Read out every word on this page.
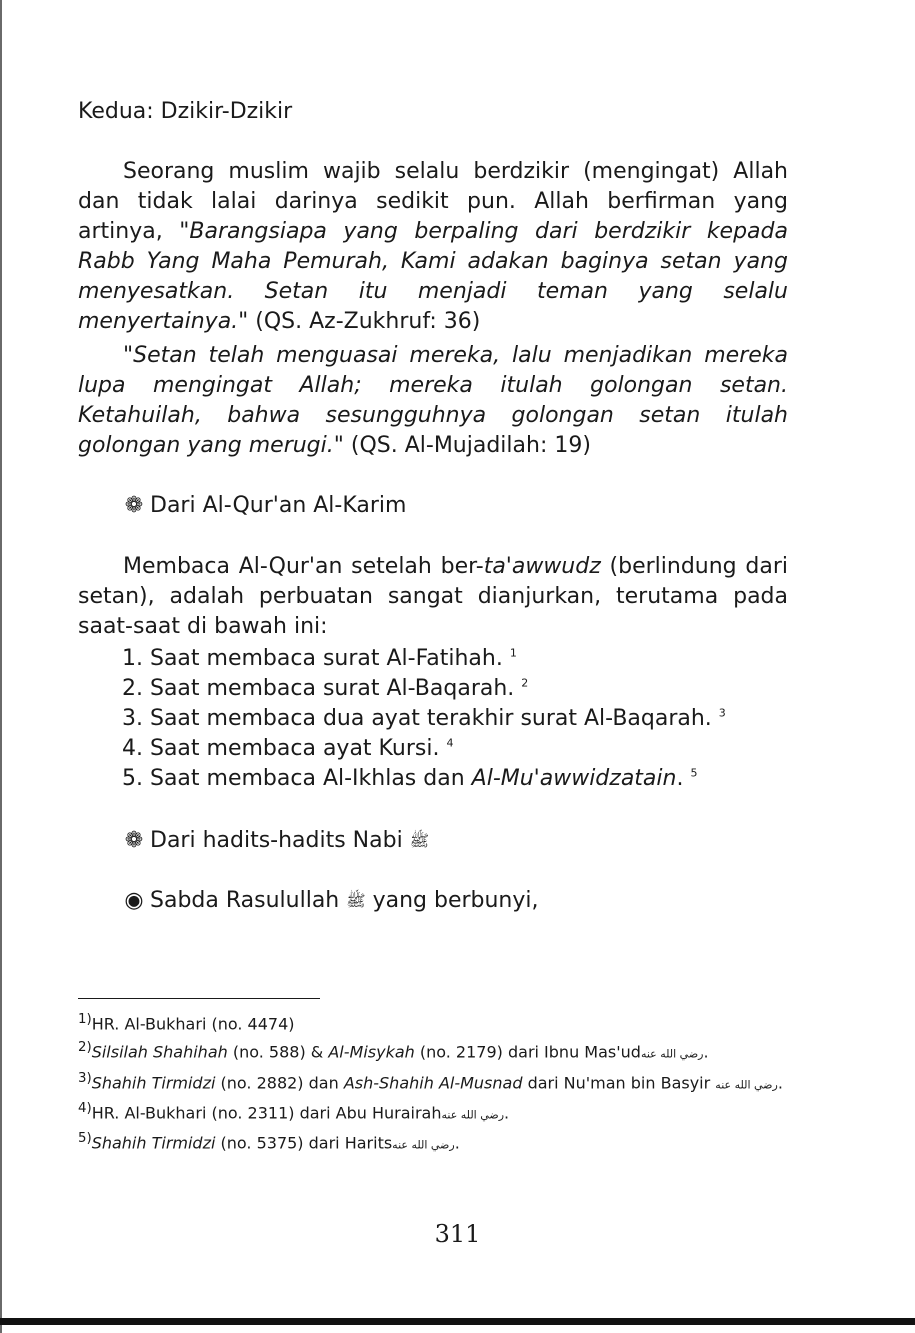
Kedua: Dzikir-Dzikir

Seorang muslim wajib selalu berdzikir (mengingat) Allah dan tidak lalai darinya sedikit pun. Allah berfirman yang artinya, "Barangsiapa yang berpaling dari berdzikir kepada Rabb Yang Maha Pemurah, Kami adakan baginya setan yang menyesatkan. Setan itu menjadi teman yang selalu menyertainya." (QS. Az-Zukhruf: 36)

"Setan telah menguasai mereka, lalu menjadikan mereka lupa mengingat Allah; mereka itulah golongan setan. Ketahuilah, bahwa sesungguhnya golongan setan itulah golongan yang merugi." (QS. Al-Mujadilah: 19)

❁ Dari Al-Qur'an Al-Karim

Membaca Al-Qur'an setelah ber-ta'awwudz (berlindung dari setan), adalah perbuatan sangat dianjurkan, terutama pada saat-saat di bawah ini:

1. Saat membaca surat Al-Fatihah. $^1$
2. Saat membaca surat Al-Baqarah. $^2$
3. Saat membaca dua ayat terakhir surat Al-Baqarah. $^3$
4. Saat membaca ayat Kursi. $^4$
5. Saat membaca Al-Ikhlas dan Al-Mu'awwidzatain. $^5$
❁ Dari hadits-hadits Nabi ﷺ
◉ Sabda Rasulullah ﷺ yang berbunyi,
$^{1)}$HR. Al-Bukhari (no. 4474)
$^{2)}$Silsilah Shahihah (no. 588) & Al-Misykah (no. 2179) dari Ibnu Mas'udرضي الله عنه.
$^{3)}$Shahih Tirmidzi (no. 2882) dan Ash-Shahih Al-Musnad dari Nu'man bin Basyir رضي الله عنه.
$^{4)}$HR. Al-Bukhari (no. 2311) dari Abu Hurairahرضي الله عنه.
$^{5)}$Shahih Tirmidzi (no. 5375) dari Haritsرضي الله عنه.
311
